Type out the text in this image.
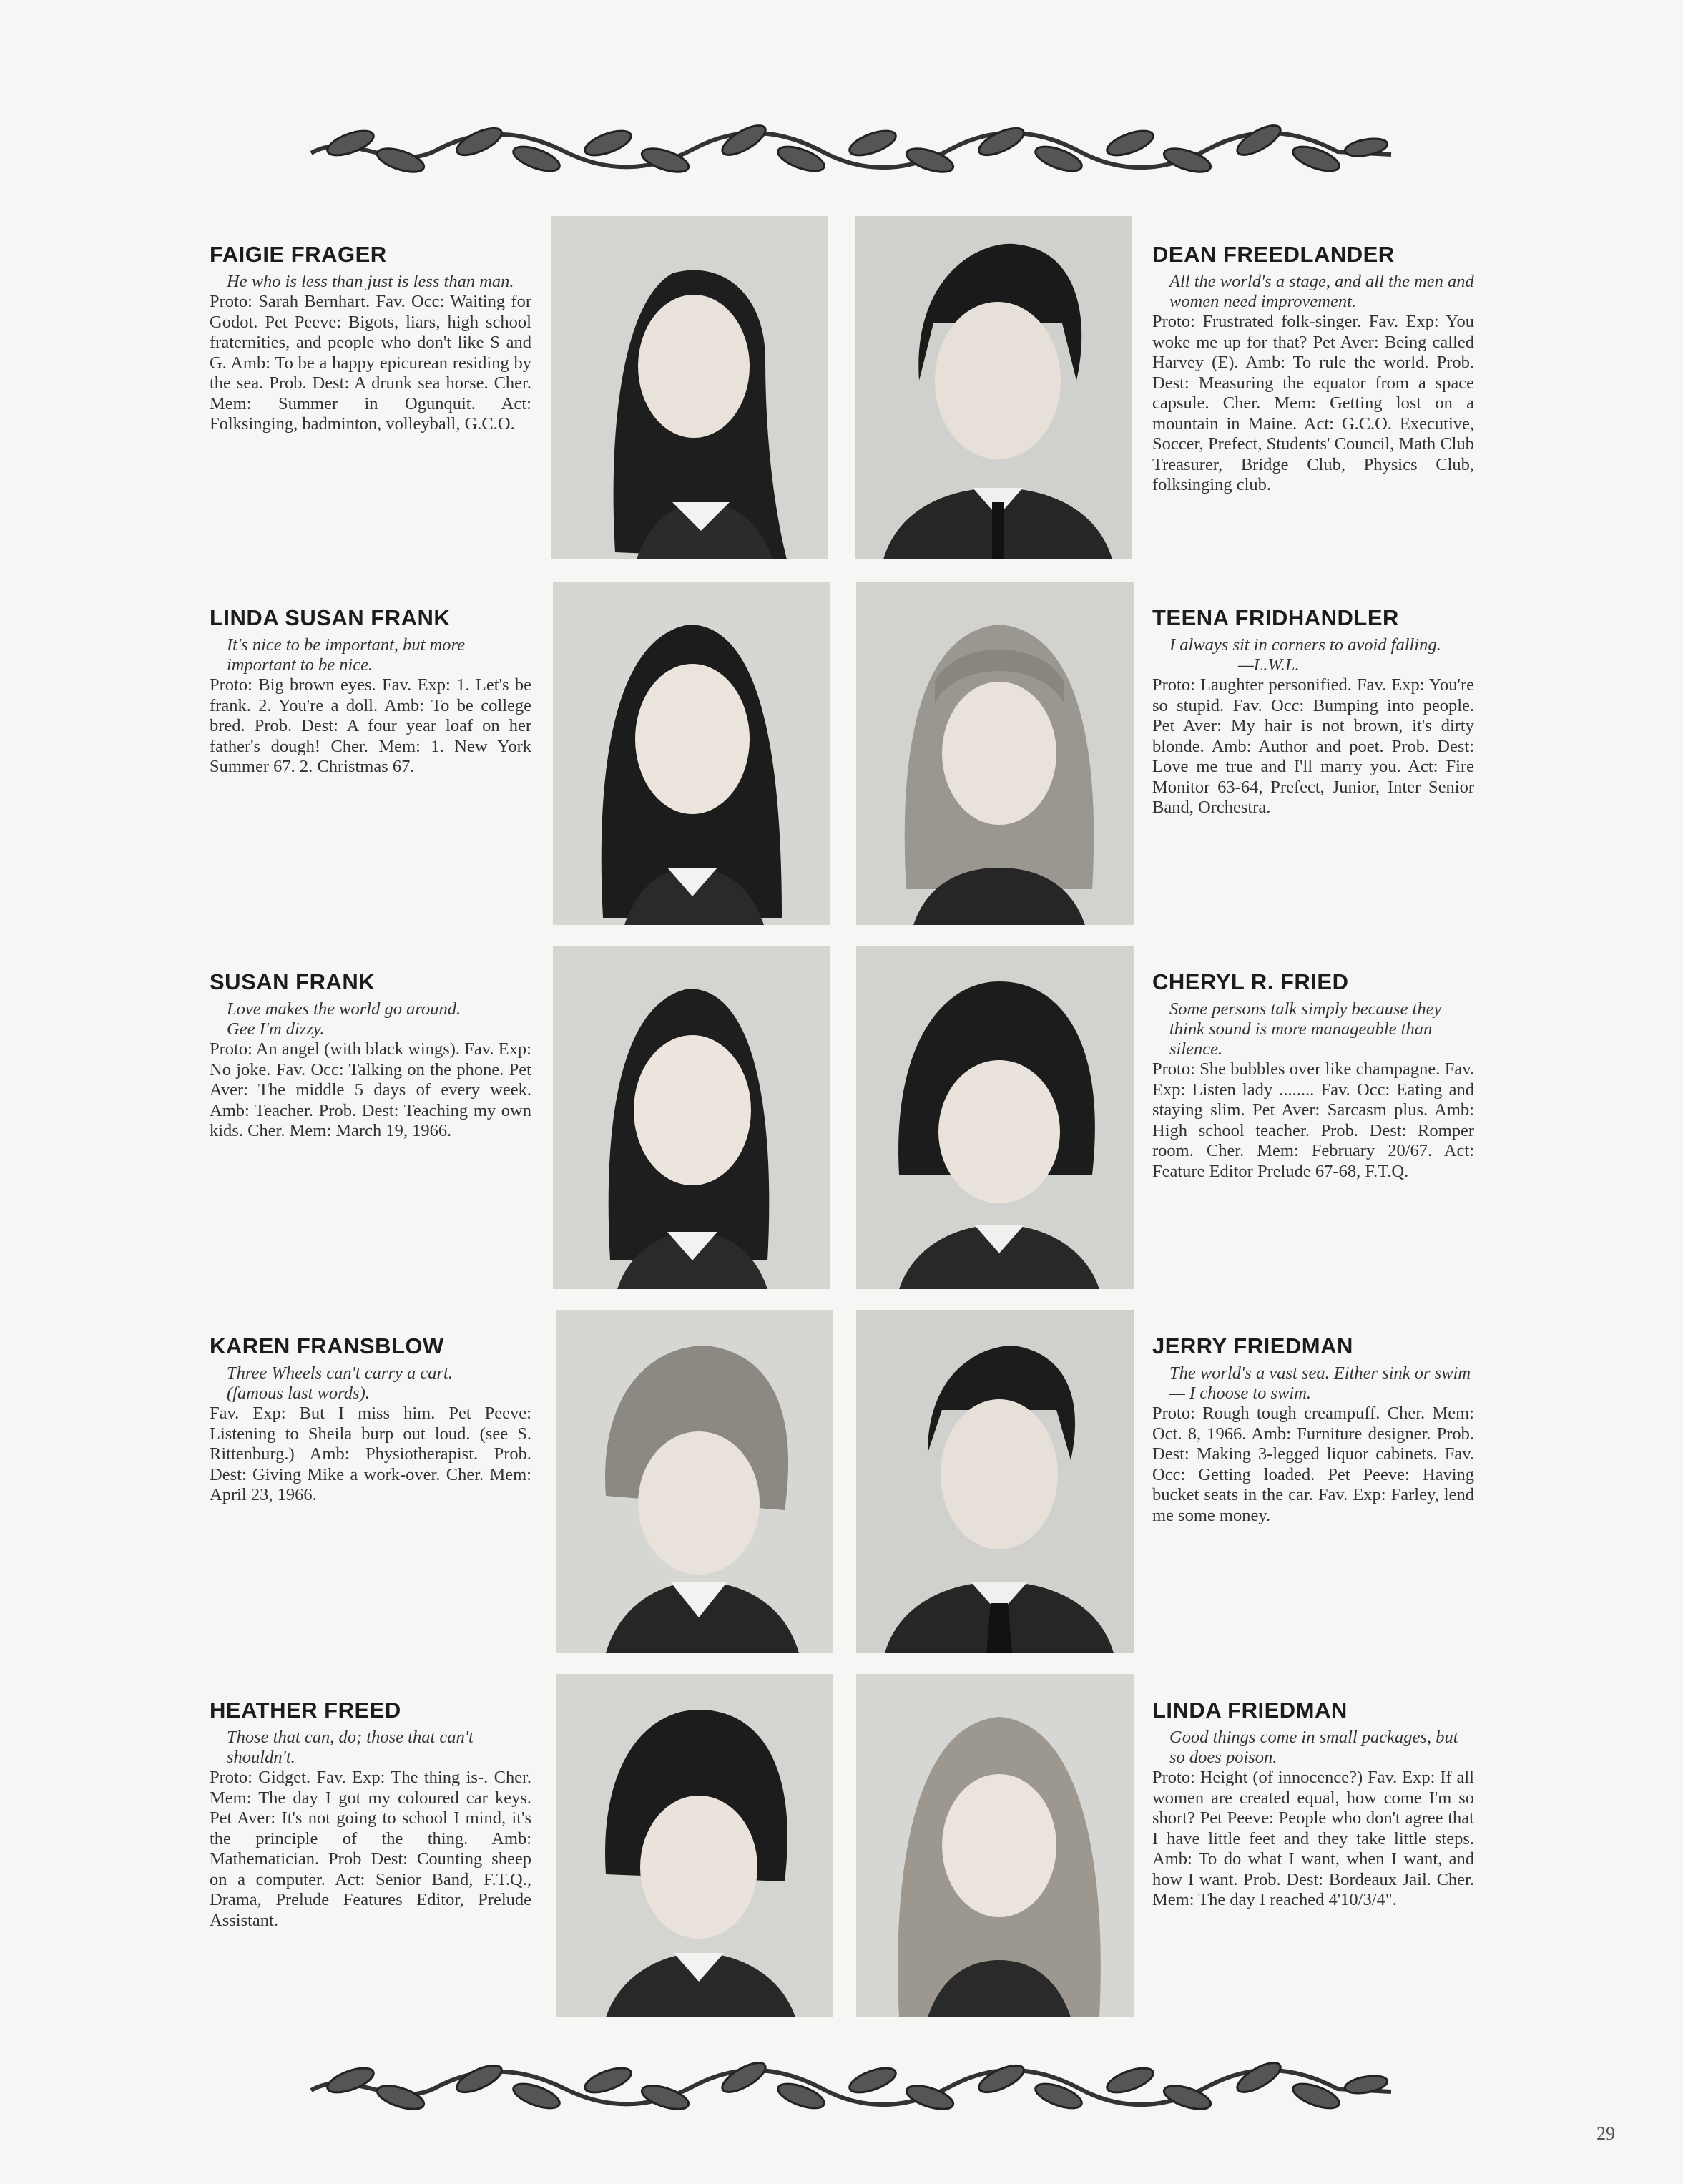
FAIGIE FRAGER

He who is less than just is less than man.

Proto: Sarah Bernhart. Fav. Occ: Waiting for Godot. Pet Peeve: Bigots, liars, high school fraternities, and people who don't like S and G. Amb: To be a happy epicurean residing by the sea. Prob. Dest: A drunk sea horse. Cher. Mem: Summer in Ogunquit. Act: Folksinging, badminton, volleyball, G.C.O.

DEAN FREEDLANDER

All the world's a stage, and all the men and women need improvement.

Proto: Frustrated folk-singer. Fav. Exp: You woke me up for that? Pet Aver: Being called Harvey (E). Amb: To rule the world. Prob. Dest: Measuring the equator from a space capsule. Cher. Mem: Getting lost on a mountain in Maine. Act: G.C.O. Executive, Soccer, Prefect, Students' Council, Math Club Treasurer, Bridge Club, Physics Club, folksinging club.

LINDA SUSAN FRANK

It's nice to be important, but more important to be nice.

Proto: Big brown eyes. Fav. Exp: 1. Let's be frank. 2. You're a doll. Amb: To be college bred. Prob. Dest: A four year loaf on her father's dough! Cher. Mem: 1. New York Summer 67. 2. Christmas 67.

TEENA FRIDHANDLER

I always sit in corners to avoid falling.

—L.W.L.

Proto: Laughter personified. Fav. Exp: You're so stupid. Fav. Occ: Bumping into people. Pet Aver: My hair is not brown, it's dirty blonde. Amb: Author and poet. Prob. Dest: Love me true and I'll marry you. Act: Fire Monitor 63-64, Prefect, Junior, Inter Senior Band, Orchestra.

SUSAN FRANK

Love makes the world go around.

Gee I'm dizzy.

Proto: An angel (with black wings). Fav. Exp: No joke. Fav. Occ: Talking on the phone. Pet Aver: The middle 5 days of every week. Amb: Teacher. Prob. Dest: Teaching my own kids. Cher. Mem: March 19, 1966.

CHERYL R. FRIED

Some persons talk simply because they think sound is more manageable than silence.

Proto: She bubbles over like champagne. Fav. Exp: Listen lady ........ Fav. Occ: Eating and staying slim. Pet Aver: Sarcasm plus. Amb: High school teacher. Prob. Dest: Romper room. Cher. Mem: February 20/67. Act: Feature Editor Prelude 67-68, F.T.Q.

KAREN FRANSBLOW

Three Wheels can't carry a cart.

(famous last words).

Fav. Exp: But I miss him. Pet Peeve: Listening to Sheila burp out loud. (see S. Rittenburg.) Amb: Physiotherapist. Prob. Dest: Giving Mike a work-over. Cher. Mem: April 23, 1966.

JERRY FRIEDMAN

The world's a vast sea. Either sink or swim — I choose to swim.

Proto: Rough tough creampuff. Cher. Mem: Oct. 8, 1966. Amb: Furniture designer. Prob. Dest: Making 3-legged liquor cabinets. Fav. Occ: Getting loaded. Pet Peeve: Having bucket seats in the car. Fav. Exp: Farley, lend me some money.

HEATHER FREED

Those that can, do; those that can't shouldn't.

Proto: Gidget. Fav. Exp: The thing is-. Cher. Mem: The day I got my coloured car keys. Pet Aver: It's not going to school I mind, it's the principle of the thing. Amb: Mathematician. Prob Dest: Counting sheep on a computer. Act: Senior Band, F.T.Q., Drama, Prelude Features Editor, Prelude Assistant.

LINDA FRIEDMAN

Good things come in small packages, but so does poison.

Proto: Height (of innocence?) Fav. Exp: If all women are created equal, how come I'm so short? Pet Peeve: People who don't agree that I have little feet and they take little steps. Amb: To do what I want, when I want, and how I want. Prob. Dest: Bordeaux Jail. Cher. Mem: The day I reached 4'10/3/4".

29
